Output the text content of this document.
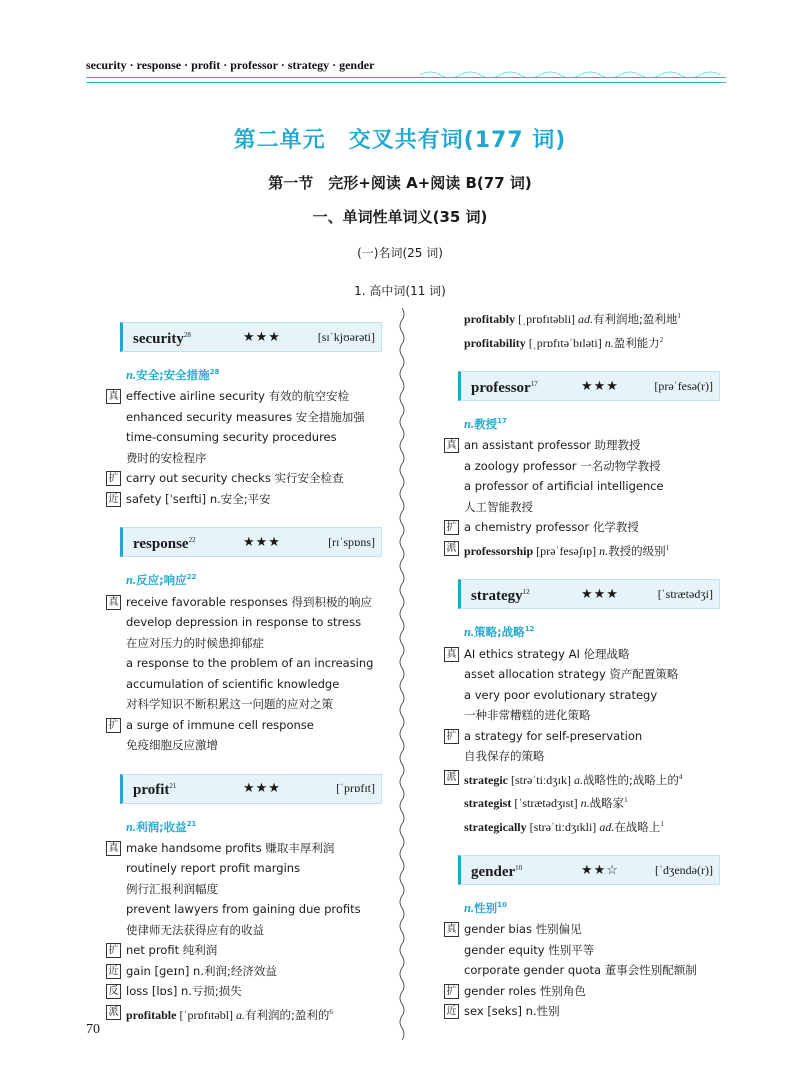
security · response · profit · professor · strategy · gender
第二单元　交叉共有词(177 词)
第一节　完形+阅读 A+阅读 B(77 词)
一、单词性单词义(35 词)
(一)名词(25 词)
1. 高中词(11 词)
security$^{28}$	★★★	[sɪˈkjʊərəti]
n.安全;安全措施$^{28}$
真 effective airline security 有效的航空安检
enhanced security measures 安全措施加强
time-consuming security procedures
费时的安检程序
扩 carry out security checks 实行安全检查
近 safety [ˈseɪfti] n.安全;平安
response$^{22}$	★★★	[rɪˈspɒns]
n.反应;响应$^{22}$
真 receive favorable responses 得到积极的响应
develop depression in response to stress
在应对压力的时候患抑郁症
a response to the problem of an increasing
accumulation of scientific knowledge
对科学知识不断积累这一问题的应对之策
扩 a surge of immune cell response
免疫细胞反应激增
profit$^{21}$	★★★	[ˈprɒfɪt]
n.利润;收益$^{21}$
真 make handsome profits 赚取丰厚利润
routinely report profit margins
例行汇报利润幅度
prevent lawyers from gaining due profits
使律师无法获得应有的收益
扩 net profit 纯利润
近 gain [ɡeɪn] n.利润;经济效益
反 loss [lɒs] n.亏损;损失
派 profitable [ˈprɒfɪtəbl] a.有利润的;盈利的$^6$
profitably [ˌprɒfɪtəbli] ad.有利润地;盈利地$^1$
profitability [ˌprɒfɪtəˈbɪləti] n.盈利能力$^2$
professor$^{17}$	★★★	[prəˈfesə(r)]
n.教授$^{17}$
真 an assistant professor 助理教授
a zoology professor 一名动物学教授
a professor of artificial intelligence
人工智能教授
扩 a chemistry professor 化学教授
派 professorship [prəˈfesəʃɪp] n.教授的级别$^1$
strategy$^{12}$	★★★	[ˈstrætədʒi]
n.策略;战略$^{12}$
真 AI ethics strategy AI 伦理战略
asset allocation strategy 资产配置策略
a very poor evolutionary strategy
一种非常糟糕的进化策略
扩 a strategy for self-preservation
自我保存的策略
派 strategic [strəˈtiːdʒɪk] a.战略性的;战略上的$^4$
strategist [ˈstrætədʒɪst] n.战略家$^1$
strategically [strəˈtiːdʒɪkli] ad.在战略上$^1$
gender$^{10}$	★★☆	[ˈdʒendə(r)]
n.性别$^{10}$
真 gender bias 性别偏见
gender equity 性别平等
corporate gender quota 董事会性别配额制
扩 gender roles 性别角色
近 sex [seks] n.性别
70
